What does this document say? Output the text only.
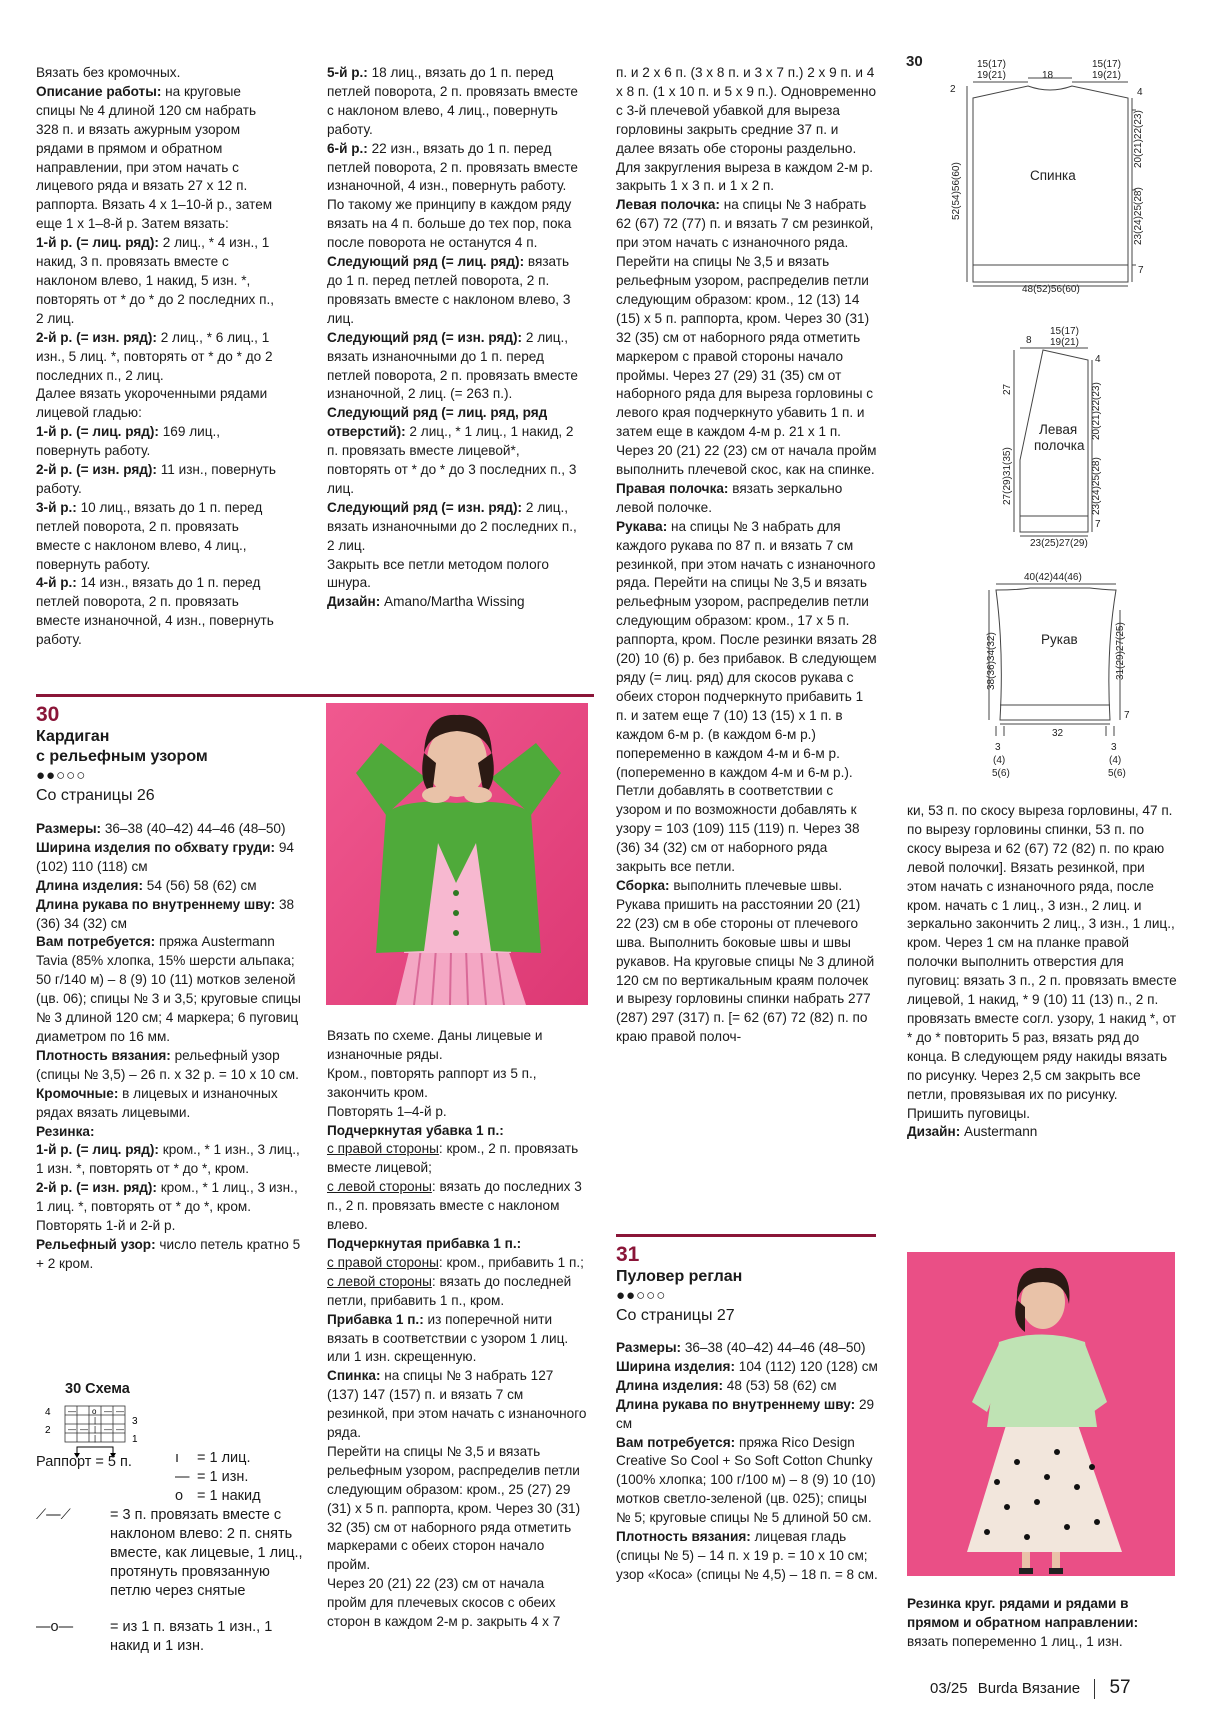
Вязать без кромочных.

Описание работы: на круговые спицы № 4 длиной 120 см набрать 328 п. и вязать ажурным узором рядами в прямом и обратном направлении, при этом начать с лицевого ряда и вязать 27 x 12 п. раппорта. Вязать 4 x 1–10-й р., затем еще 1 x 1–8-й р. Затем вязать:

1-й р. (= лиц. ряд): 2 лиц., * 4 изн., 1 накид, 3 п. провязать вместе с наклоном влево, 1 накид, 5 изн. *, повторять от * до * до 2 последних п., 2 лиц.

2-й р. (= изн. ряд): 2 лиц., * 6 лиц., 1 изн., 5 лиц. *, повторять от * до * до 2 последних п., 2 лиц.

Далее вязать укороченными рядами лицевой гладью:

1-й р. (= лиц. ряд): 169 лиц., повернуть работу.

2-й р. (= изн. ряд): 11 изн., повернуть работу.

3-й р.: 10 лиц., вязать до 1 п. перед петлей поворота, 2 п. провязать вместе с наклоном влево, 4 лиц., повернуть работу.

4-й р.: 14 изн., вязать до 1 п. перед петлей поворота, 2 п. провязать вместе изнаночной, 4 изн., повернуть работу.

5-й р.: 18 лиц., вязать до 1 п. перед петлей поворота, 2 п. провязать вместе с наклоном влево, 4 лиц., повернуть работу.

6-й р.: 22 изн., вязать до 1 п. перед петлей поворота, 2 п. провязать вместе изнаночной, 4 изн., повернуть работу.

По такому же принципу в каждом ряду вязать на 4 п. больше до тех пор, пока после поворота не останутся 4 п.

Следующий ряд (= лиц. ряд): вязать до 1 п. перед петлей поворота, 2 п. провязать вместе с наклоном влево, 3 лиц.

Следующий ряд (= изн. ряд): 2 лиц., вязать изнаночными до 1 п. перед петлей поворота, 2 п. провязать вместе изнаночной, 2 лиц. (= 263 п.).

Следующий ряд (= лиц. ряд, ряд отверстий): 2 лиц., * 1 лиц., 1 накид, 2 п. провязать вместе лицевой*, повторять от * до * до 3 последних п., 3 лиц.

Следующий ряд (= изн. ряд): 2 лиц., вязать изнаночными до 2 последних п., 2 лиц.

Закрыть все петли методом полого шнура.

Дизайн: Amano/Martha Wissing

п. и 2 x 6 п. (3 x 8 п. и 3 x 7 п.) 2 x 9 п. и 4 x 8 п. (1 x 10 п. и 5 x 9 п.). Одновременно с 3-й плечевой убавкой для выреза горловины закрыть средние 37 п. и далее вязать обе стороны раздельно. Для закругления выреза в каждом 2-м р. закрыть 1 x 3 п. и 1 x 2 п.

Левая полочка: на спицы № 3 набрать 62 (67) 72 (77) п. и вязать 7 см резинкой, при этом начать с изнаночного ряда. Перейти на спицы № 3,5 и вязать рельефным узором, распределив петли следующим образом: кром., 12 (13) 14 (15) x 5 п. раппорта, кром. Через 30 (31) 32 (35) см от наборного ряда отметить маркером с правой стороны начало проймы. Через 27 (29) 31 (35) см от наборного ряда для выреза горловины с левого края подчеркнуто убавить 1 п. и затем еще в каждом 4-м р. 21 x 1 п. Через 20 (21) 22 (23) см от начала пройм выполнить плечевой скос, как на спинке.

Правая полочка: вязать зеркально левой полочке.

Рукава: на спицы № 3 набрать для каждого рукава по 87 п. и вязать 7 см резинкой, при этом начать с изнаночного ряда. Перейти на спицы № 3,5 и вязать рельефным узором, распределив петли следующим образом: кром., 17 x 5 п. раппорта, кром. После резинки вязать 28 (20) 10 (6) р. без прибавок. В следующем ряду (= лиц. ряд) для скосов рукава с обеих сторон подчеркнуто прибавить 1 п. и затем еще 7 (10) 13 (15) x 1 п. в каждом 6-м р. (в каждом 6-м р.) попеременно в каждом 4-м и 6-м р. (попеременно в каждом 4-м и 6-м р.). Петли добавлять в соответствии с узором и по возможности добавлять к узору = 103 (109) 115 (119) п. Через 38 (36) 34 (32) см от наборного ряда закрыть все петли.

Сборка: выполнить плечевые швы. Рукава пришить на расстоянии 20 (21) 22 (23) см в обе стороны от плечевого шва. Выполнить боковые швы и швы рукавов. На круговые спицы № 3 длиной 120 см по вертикальным краям полочек и вырезу горловины спинки набрать 277 (287) 297 (317) п. [= 62 (67) 72 (82) п. по краю правой полоч-

ки, 53 п. по скосу выреза горловины, 47 п. по вырезу горловины спинки, 53 п. по скосу выреза и 62 (67) 72 (82) п. по краю левой полочки]. Вязать резинкой, при этом начать с изнаночного ряда, после кром. начать с 1 лиц., 3 изн., 2 лиц. и зеркально закончить 2 лиц., 3 изн., 1 лиц., кром. Через 1 см на планке правой полочки выполнить отверстия для пуговиц: вязать 3 п., 2 п. провязать вместе лицевой, 1 накид, * 9 (10) 11 (13) п., 2 п. провязать вместе согл. узору, 1 накид *, от * до * повторить 5 раз, вязать ряд до конца. В следующем ряду накиды вязать по рисунку. Через 2,5 см закрыть все петли, провязывая их по рисунку. Пришить пуговицы.

Дизайн: Austermann

30
Кардиган
с рельефным узором
●●○○○
Со страницы 26

Размеры: 36–38 (40–42) 44–46 (48–50)

Ширина изделия по обхвату груди: 94 (102) 110 (118) см

Длина изделия: 54 (56) 58 (62) см

Длина рукава по внутреннему шву: 38 (36) 34 (32) см

Вам потребуется: пряжа Austermann Tavia (85% хлопка, 15% шерсти альпака; 50 г/140 м) – 8 (9) 10 (11) мотков зеленой (цв. 06); спицы № 3 и 3,5; круговые спицы № 3 длиной 120 см; 4 маркера; 6 пуговиц диаметром по 16 мм.

Плотность вязания: рельефный узор (спицы № 3,5) – 26 п. x 32 р. = 10 x 10 см.

Кромочные: в лицевых и изнаночных рядах вязать лицевыми.

Резинка:

1-й р. (= лиц. ряд): кром., * 1 изн., 3 лиц., 1 изн. *, повторять от * до *, кром.

2-й р. (= изн. ряд): кром., * 1 лиц., 3 изн., 1 лиц. *, повторять от * до *, кром.

Повторять 1-й и 2-й р.

Рельефный узор: число петель кратно 5 + 2 кром.

Вязать по схеме. Даны лицевые и изнаночные ряды.

Кром., повторять раппорт из 5 п., закончить кром.

Повторять 1–4-й р.

Подчеркнутая убавка 1 п.:

с правой стороны: кром., 2 п. провязать вместе лицевой;

с левой стороны: вязать до последних 3 п., 2 п. провязать вместе с наклоном влево.

Подчеркнутая прибавка 1 п.:

с правой стороны: кром., прибавить 1 п.;

с левой стороны: вязать до последней петли, прибавить 1 п., кром.

Прибавка 1 п.: из поперечной нити вязать в соответствии с узором 1 лиц. или 1 изн. скрещенную.

Спинка: на спицы № 3 набрать 127 (137) 147 (157) п. и вязать 7 см резинкой, при этом начать с изнаночного ряда.

Перейти на спицы № 3,5 и вязать рельефным узором, распределив петли следующим образом: кром., 25 (27) 29 (31) x 5 п. раппорта, кром. Через 30 (31) 32 (35) см от наборного ряда отметить маркерами с обеих сторон начало пройм.

Через 20 (21) 22 (23) см от начала пройм для плечевых скосов с обеих сторон в каждом 2-м р. закрыть 4 x 7

30 Схема
4
2
3
1
o
—	— —
— — — —
|
|
|
Раппорт = 5 п.	ı = 1 лиц.
— = 1 изн.
o = 1 накид
⟋—⟋	= 3 п. провязать вместе с наклоном влево: 2 п. снять вместе, как лицевые, 1 лиц., протянуть провязанную петлю через снятые
—o—	= из 1 п. вязать 1 изн., 1 накид и 1 изн.
31
Пуловер реглан
●●○○○
Со страницы 27

Размеры: 36–38 (40–42) 44–46 (48–50)

Ширина изделия: 104 (112) 120 (128) см

Длина изделия: 48 (53) 58 (62) см

Длина рукава по внутреннему шву: 29 см

Вам потребуется: пряжа Rico Design Creative So Cool + So Soft Cotton Chunky (100% хлопка; 100 г/100 м) – 8 (9) 10 (10) мотков светло-зеленой (цв. 025); спицы № 5; круговые спицы № 5 длиной 50 см.

Плотность вязания: лицевая гладь (спицы № 5) – 14 п. x 19 р. = 10 x 10 см; узор «Коса» (спицы № 4,5) – 18 п. = 8 см.

Резинка круг. рядами и рядами в прямом и обратном направлении: вязать попеременно 1 лиц., 1 изн.

30	15(17)
19(21)	18
15(17)
19(21)
2	4
20(21)22(23)
23(24)25(28)
7
52(54)56(60)
48(52)56(60)
Спинка
8
15(17)
19(21)
27
27(29)31(35)
4
20(21)22(23)
23(24)25(28)
7
23(25)27(29)
Левая
полочка
40(42)44(46)
38(36)34(32)	31(29)27(25)
7
32
3
(4)
5(6)
3
(4)
5(6)
Рукав
03/25 Burda Вязание 57
